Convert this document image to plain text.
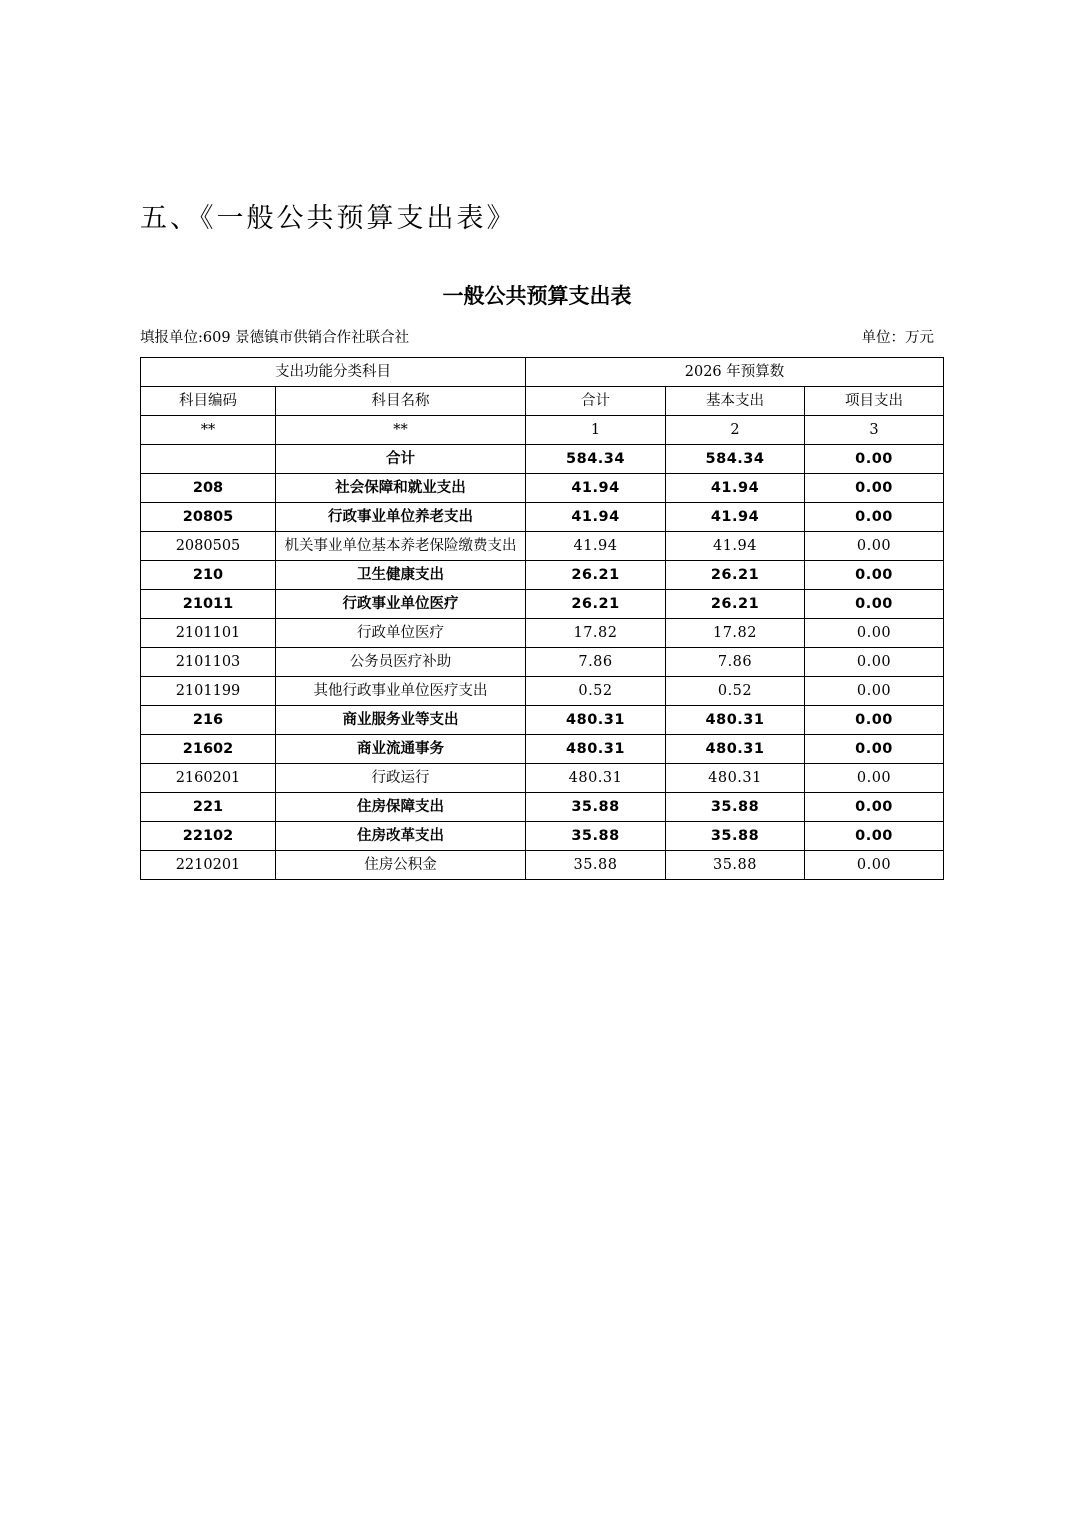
五、《一般公共预算支出表》
一般公共预算支出表
填报单位:609 景德镇市供销合作社联合社	单位：万元
支出功能分类科目		2026 年预算数		
科目编码	科目名称	合计	基本支出	项目支出
**	**	1	2	3
	合计	584.34	584.34	0.00
208	社会保障和就业支出	41.94	41.94	0.00
20805	行政事业单位养老支出	41.94	41.94	0.00
2080505	机关事业单位基本养老保险缴费支出	41.94	41.94	0.00
210	卫生健康支出	26.21	26.21	0.00
21011	行政事业单位医疗	26.21	26.21	0.00
2101101	行政单位医疗	17.82	17.82	0.00
2101103	公务员医疗补助	7.86	7.86	0.00
2101199	其他行政事业单位医疗支出	0.52	0.52	0.00
216	商业服务业等支出	480.31	480.31	0.00
21602	商业流通事务	480.31	480.31	0.00
2160201	行政运行	480.31	480.31	0.00
221	住房保障支出	35.88	35.88	0.00
22102	住房改革支出	35.88	35.88	0.00
2210201	住房公积金	35.88	35.88	0.00
